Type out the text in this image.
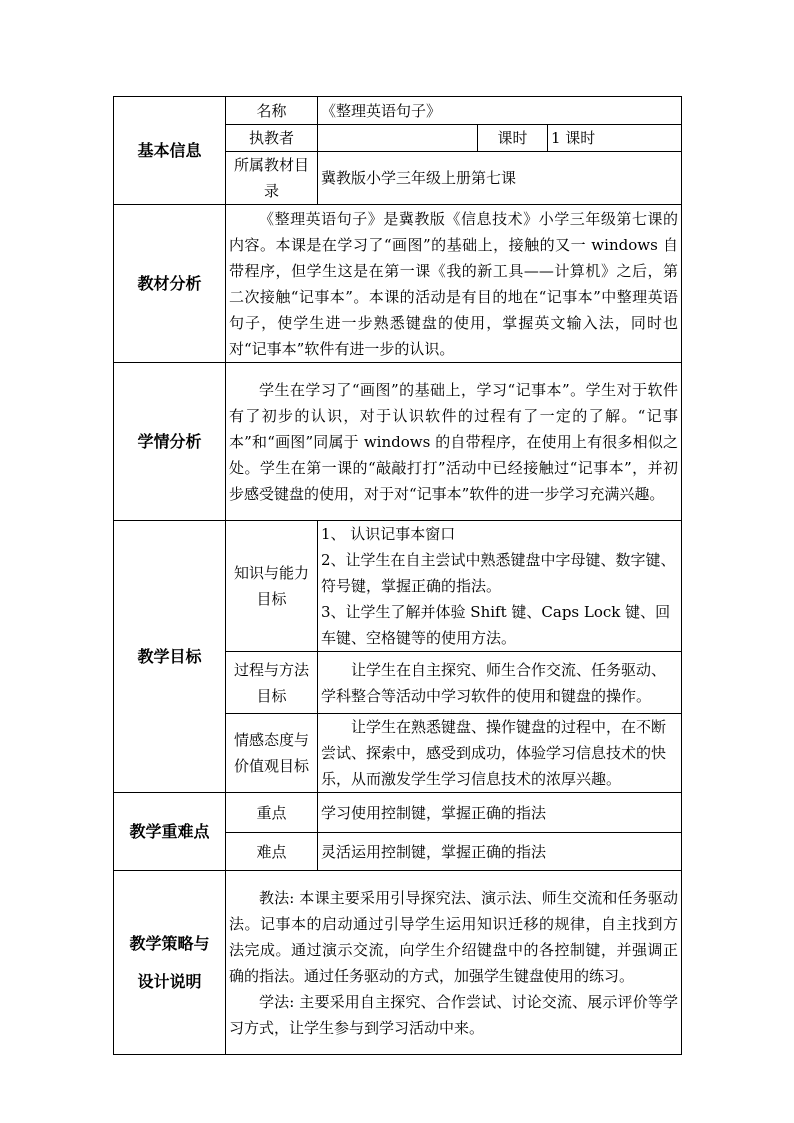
基本信息	名称	《整理英语句子》		
	执教者		课时	1 课时
	所属教材目录	冀教版小学三年级上册第七课		
教材分析	《整理英语句子》是冀教版《信息技术》小学三年级第七课的内容。本课是在学习了“画图”的基础上，接触的又一 windows 自带程序，但学生这是在第一课《我的新工具——计算机》之后，第二次接触“记事本”。本课的活动是有目的地在“记事本”中整理英语句子，使学生进一步熟悉键盘的使用，掌握英文输入法，同时也对“记事本”软件有进一步的认识。			

学情分析	学生在学习了“画图”的基础上，学习“记事本”。学生对于软件有了初步的认识，对于认识软件的过程有了一定的了解。“记事本”和“画图”同属于 windows 的自带程序，在使用上有很多相似之处。学生在第一课的“敲敲打打”活动中已经接触过“记事本”，并初步感受键盘的使用，对于对“记事本”软件的进一步学习充满兴趣。			

教学目标	知识与能力目标	1、 认识记事本窗口

2、让学生在自主尝试中熟悉键盘中字母键、数字键、符号键，掌握正确的指法。

3、让学生了解并体验 Shift 键、Caps Lock 键、回车键、空格键等的使用方法。		

	过程与方法目标	让学生在自主探究、师生合作交流、任务驱动、学科整合等活动中学习软件的使用和键盘的操作。		

	情感态度与价值观目标	让学生在熟悉键盘、操作键盘的过程中，在不断尝试、探索中，感受到成功，体验学习信息技术的快乐，从而激发学生学习信息技术的浓厚兴趣。		

教学重难点	重点	学习使用控制键，掌握正确的指法		
	难点	灵活运用控制键，掌握正确的指法		
教学策略与设计说明	教法: 本课主要采用引导探究法、演示法、师生交流和任务驱动法。记事本的启动通过引导学生运用知识迁移的规律，自主找到方法完成。通过演示交流，向学生介绍键盘中的各控制键，并强调正确的指法。通过任务驱动的方式，加强学生键盘使用的练习。

学法: 主要采用自主探究、合作尝试、讨论交流、展示评价等学习方式，让学生参与到学习活动中来。			
